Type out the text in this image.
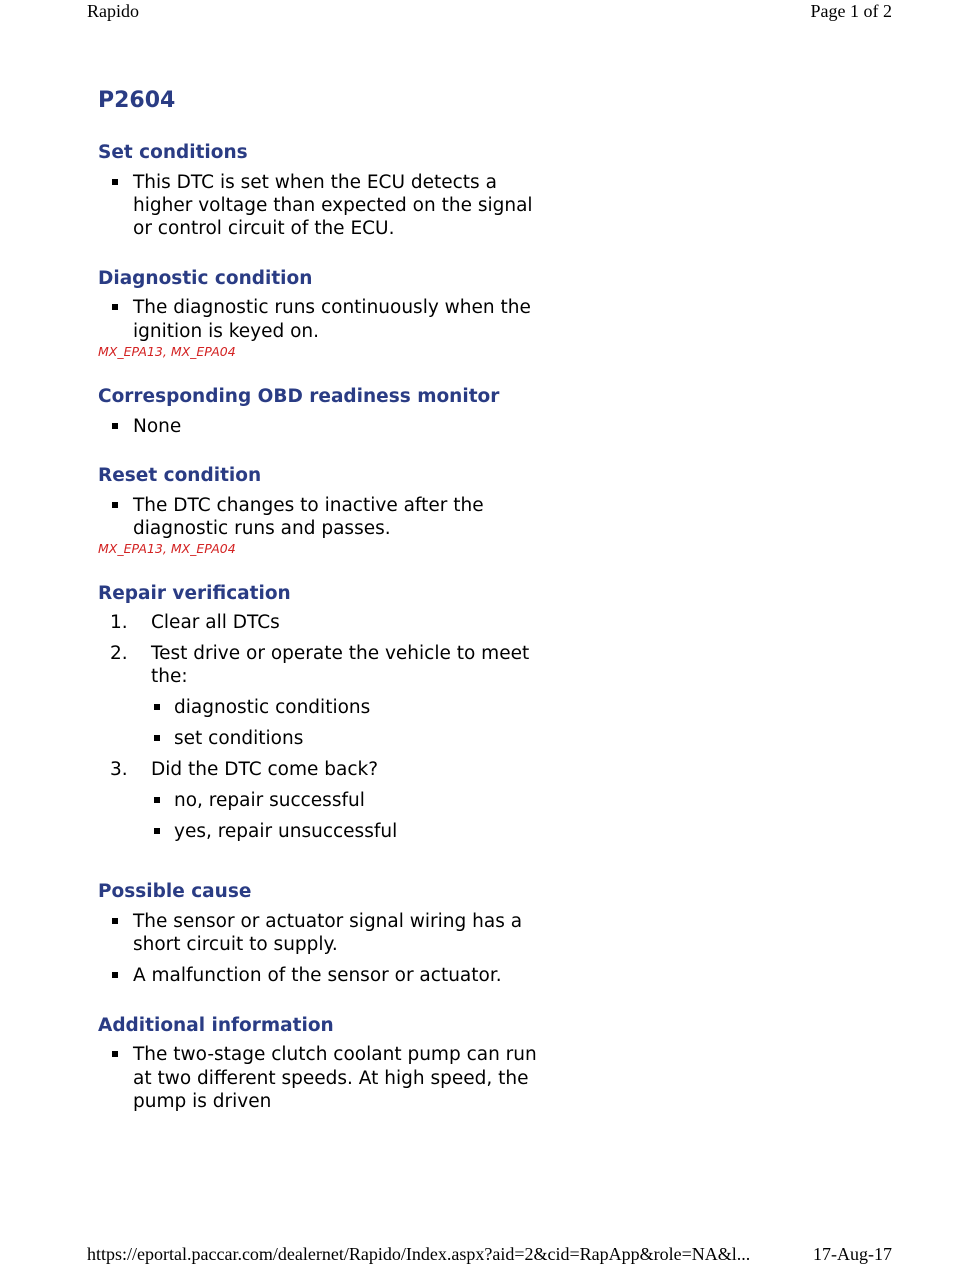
Rapido	Page 1 of 2
P2604
Set conditions
This DTC is set when the ECU detects a higher voltage than expected on the signal or control circuit of the ECU.
Diagnostic condition
The diagnostic runs continuously when the ignition is keyed on.
MX_EPA13, MX_EPA04
Corresponding OBD readiness monitor
None
Reset condition
The DTC changes to inactive after the diagnostic runs and passes.
MX_EPA13, MX_EPA04
Repair verification
1. Clear all DTCs
2. Test drive or operate the vehicle to meet the:
diagnostic conditions
set conditions
3. Did the DTC come back?
no, repair successful
yes, repair unsuccessful
Possible cause
The sensor or actuator signal wiring has a short circuit to supply.
A malfunction of the sensor or actuator.
Additional information
The two-stage clutch coolant pump can run at two different speeds. At high speed, the pump is driven
https://eportal.paccar.com/dealernet/Rapido/Index.aspx?aid=2&cid=RapApp&role=NA&l...	17-Aug-17
